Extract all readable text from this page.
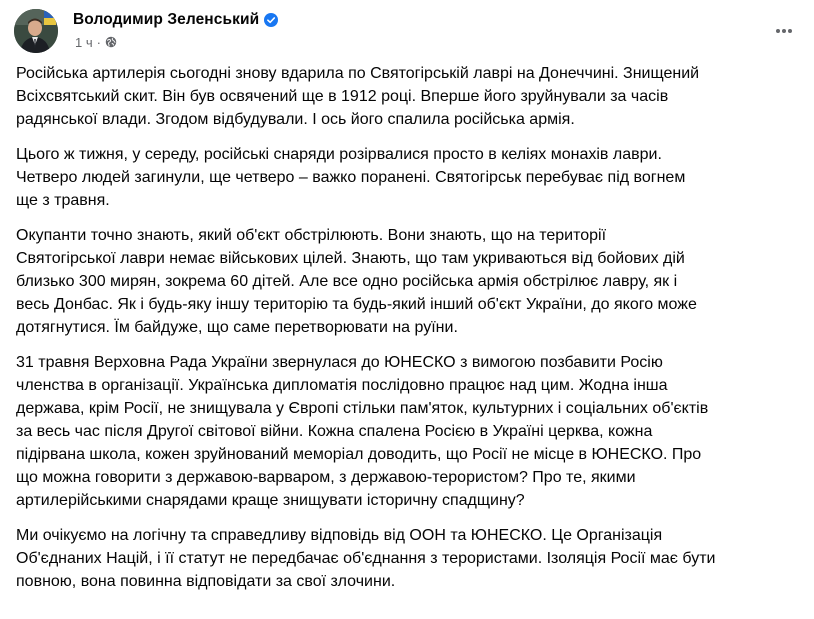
Володимир Зеленський
1 ч ·

Російська артилерія сьогодні знову вдарила по Святогірській лаврі на Донеччині. Знищений
Всіхсвятський скит. Він був освячений ще в 1912 році. Вперше його зруйнували за часів
радянської влади. Згодом відбудували. І ось його спалила російська армія.

Цього ж тижня, у середу, російські снаряди розірвалися просто в келіях монахів лаври.
Четверо людей загинули, ще четверо – важко поранені. Святогірськ перебуває під вогнем
ще з травня.

Окупанти точно знають, який об'єкт обстрілюють. Вони знають, що на території
Святогірської лаври немає військових цілей. Знають, що там укриваються від бойових дій
близько 300 мирян, зокрема 60 дітей. Але все одно російська армія обстрілює лавру, як і
весь Донбас. Як і будь-яку іншу територію та будь-який інший об'єкт України, до якого може
дотягнутися. Їм байдуже, що саме перетворювати на руїни.

31 травня Верховна Рада України звернулася до ЮНЕСКО з вимогою позбавити Росію
членства в організації. Українська дипломатія послідовно працює над цим. Жодна інша
держава, крім Росії, не знищувала у Європі стільки пам'яток, культурних і соціальних об'єктів
за весь час після Другої світової війни. Кожна спалена Росією в Україні церква, кожна
підірвана школа, кожен зруйнований меморіал доводить, що Росії не місце в ЮНЕСКО. Про
що можна говорити з державою-варваром, з державою-терористом? Про те, якими
артилерійськими снарядами краще знищувати історичну спадщину?

Ми очікуємо на логічну та справедливу відповідь від ООН та ЮНЕСКО. Це Організація
Об'єднаних Націй, і її статут не передбачає об'єднання з терористами. Ізоляція Росії має бути
повною, вона повинна відповідати за свої злочини.
